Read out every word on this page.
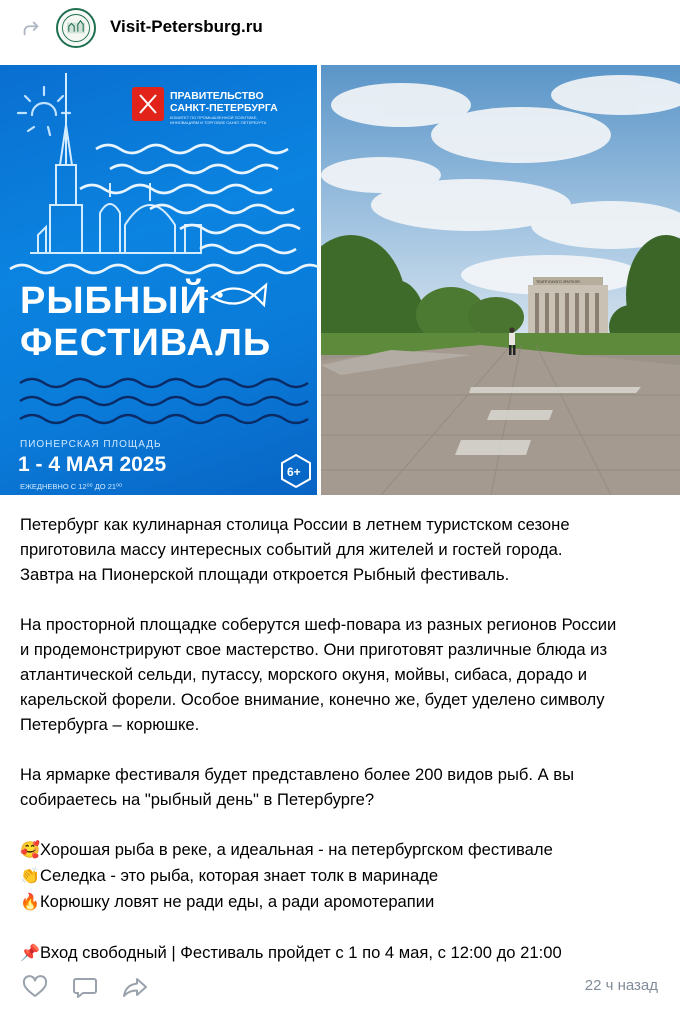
Visit-Petersburg.ru
ПРАВИТЕЛЬСТВО
САНКТ-ПЕТЕРБУРГА
КОМИТЕТ ПО ПРОМЫШЛЕННОЙ ПОЛИТИКЕ,
ИННОВАЦИЯМ И ТОРГОВЛЕ САНКТ-ПЕТЕРБУРГА
РЫБНЫЙ
ФЕСТИВАЛЬ
ПИОНЕРСКАЯ ПЛОЩАДЬ
1 - 4 МАЯ 2025
ЕЖЕДНЕВНО С 12⁰⁰ ДО 21⁰⁰
6+
ТЕАТР ЮНОГО ЗРИТЕЛЯ
Петербург как кулинарная столица России в летнем туристском сезоне
приготовила массу интересных событий для жителей и гостей города.
Завтра на Пионерской площади откроется Рыбный фестиваль.
На просторной площадке соберутся шеф-повара из разных регионов России
и продемонстрируют свое мастерство. Они приготовят различные блюда из
атлантической сельди, путассу, морского окуня, мойвы, сибаса, дорадо и
карельской форели. Особое внимание, конечно же, будет уделено символу
Петербурга – корюшке.
На ярмарке фестиваля будет представлено более 200 видов рыб. А вы
собираетесь на "рыбный день" в Петербурге?
🥰Хорошая рыба в реке, а идеальная - на петербургском фестивале
👏Селедка - это рыба, которая знает толк в маринаде
🔥Корюшку ловят не ради еды, а ради аромотерапии
📌Вход свободный | Фестиваль пройдет с 1 по 4 мая, с 12:00 до 21:00
22 ч назад
